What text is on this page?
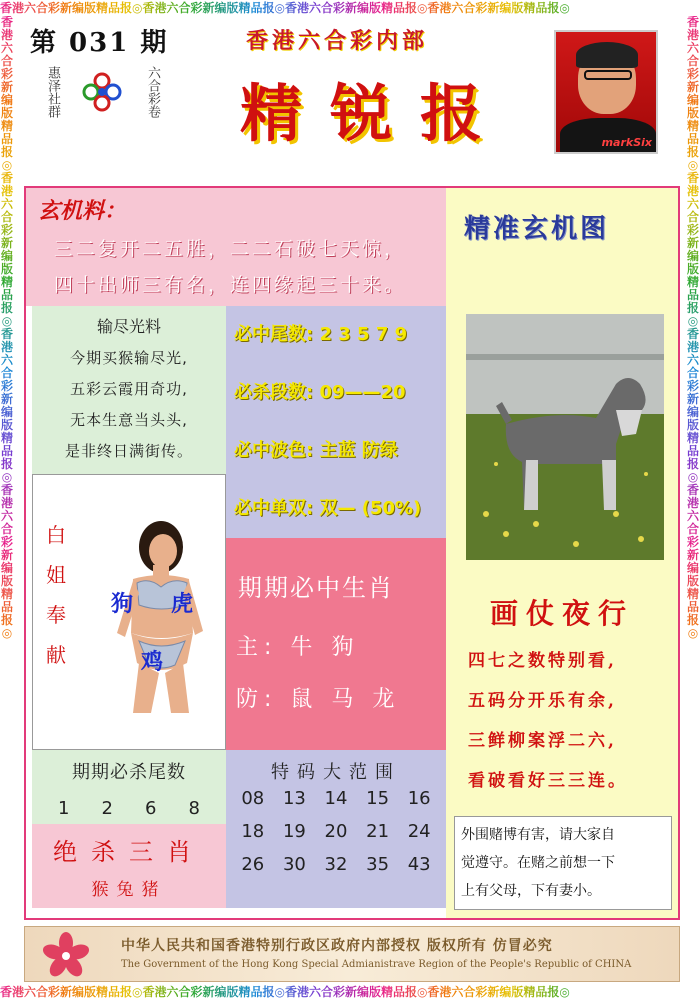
香港六合彩新编版精品报◎香港六合彩新编版精品报◎香港六合彩新编版精品报◎香港六合彩新编版精品报◎
香港六合彩新编版精品报◎香港六合彩新编版精品报◎香港六合彩新编版精品报◎香港六合彩新编版精品报◎
香港六合彩新编版精品报◎香港六合彩新编版精品报◎香港六合彩新编版精品报◎香港六合彩新编版精品报◎
香港六合彩新编版精品报◎香港六合彩新编版精品报◎香港六合彩新编版精品报◎香港六合彩新编版精品报◎
第 031 期
惠泽社群	六合彩卷
香港六合彩内部
精锐报	markSix
玄机料：
三二复开二五胜，二二石破七天惊，
四十出师三有名，连四缘起三十来。
输尽光料
今期买猴输尽光,
五彩云霞用奇功,
无本生意当头头,
是非终日满街传。
必中尾数: 2 3 5 7 9
必杀段数: 09——20
必中波色: 主蓝 防绿
必中单双: 双— (50%)
白
姐
奉
献
狗 虎
鸡
期期必中生肖
主: 牛 狗
防: 鼠 马 龙
期期必杀尾数
1 2 6 8
绝杀三肖
猴兔猪
特码大范围
08	13	14	15	16
18	19	20	21	24
26	30	32	35	43
精准玄机图
画仗夜行
四七之数特别看,
五码分开乐有余,
三鲜柳案浮二六,
看破看好三三连。
外围赌博有害，请大家自
觉遵守。在赌之前想一下
上有父母，下有妻小。
中华人民共和国香港特别行政区政府内部授权 版权所有 仿冒必究
The Government of the Hong Kong Special Admianistrave Region of the People's Republic of CHINA
